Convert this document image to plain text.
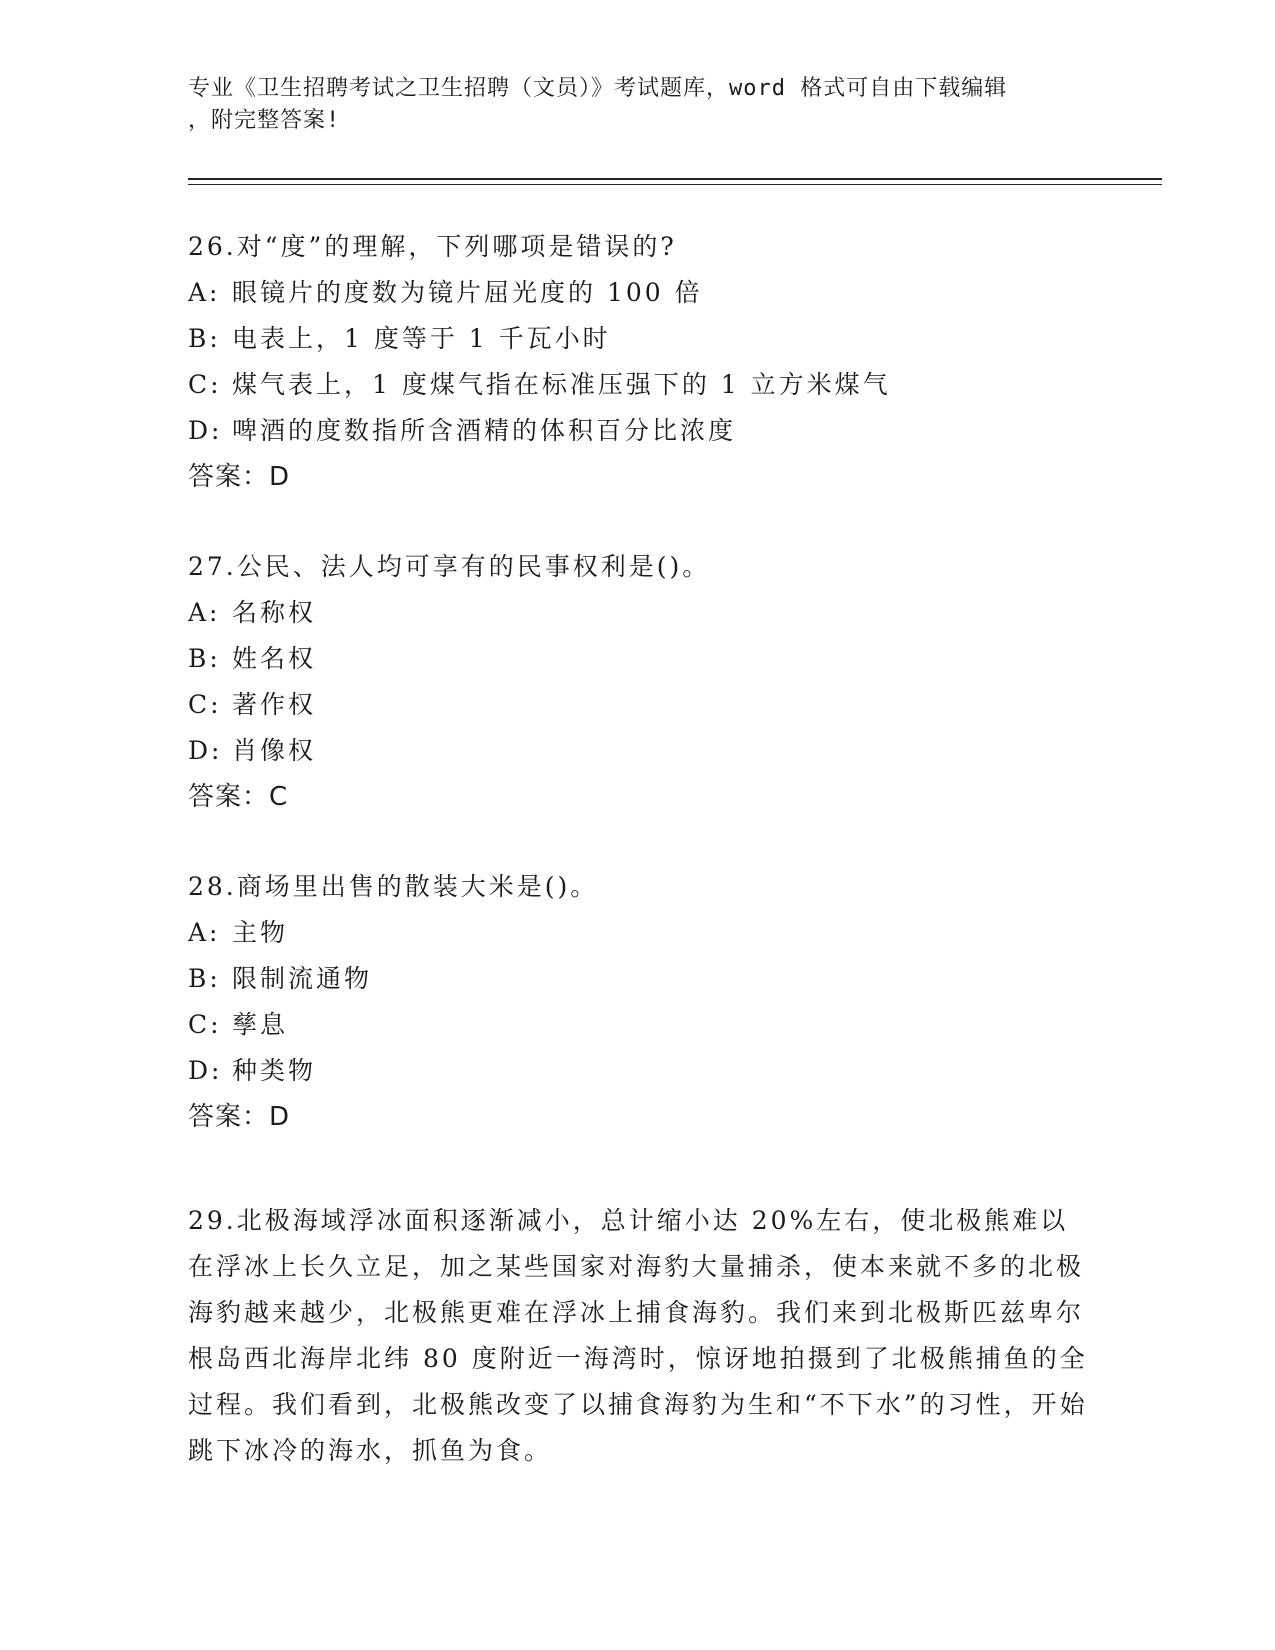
专业《卫生招聘考试之卫生招聘（文员）》考试题库，word 格式可自由下载编辑
，附完整答案!
26.对“度”的理解，下列哪项是错误的?
A: 眼镜片的度数为镜片屈光度的 100 倍
B: 电表上，1 度等于 1 千瓦小时
C: 煤气表上，1 度煤气指在标准压强下的 1 立方米煤气
D: 啤酒的度数指所含酒精的体积百分比浓度
答案：D
27.公民、法人均可享有的民事权利是()。
A: 名称权
B: 姓名权
C: 著作权
D: 肖像权
答案：C
28.商场里出售的散装大米是()。
A: 主物
B: 限制流通物
C: 孳息
D: 种类物
答案：D
29.北极海域浮冰面积逐渐减小，总计缩小达 20%左右，使北极熊难以在浮冰上长久立足，加之某些国家对海豹大量捕杀，使本来就不多的北极海豹越来越少，北极熊更难在浮冰上捕食海豹。我们来到北极斯匹兹卑尔根岛西北海岸北纬 80 度附近一海湾时，惊讶地拍摄到了北极熊捕鱼的全过程。我们看到，北极熊改变了以捕食海豹为生和“不下水”的习性，开始跳下冰冷的海水，抓鱼为食。
